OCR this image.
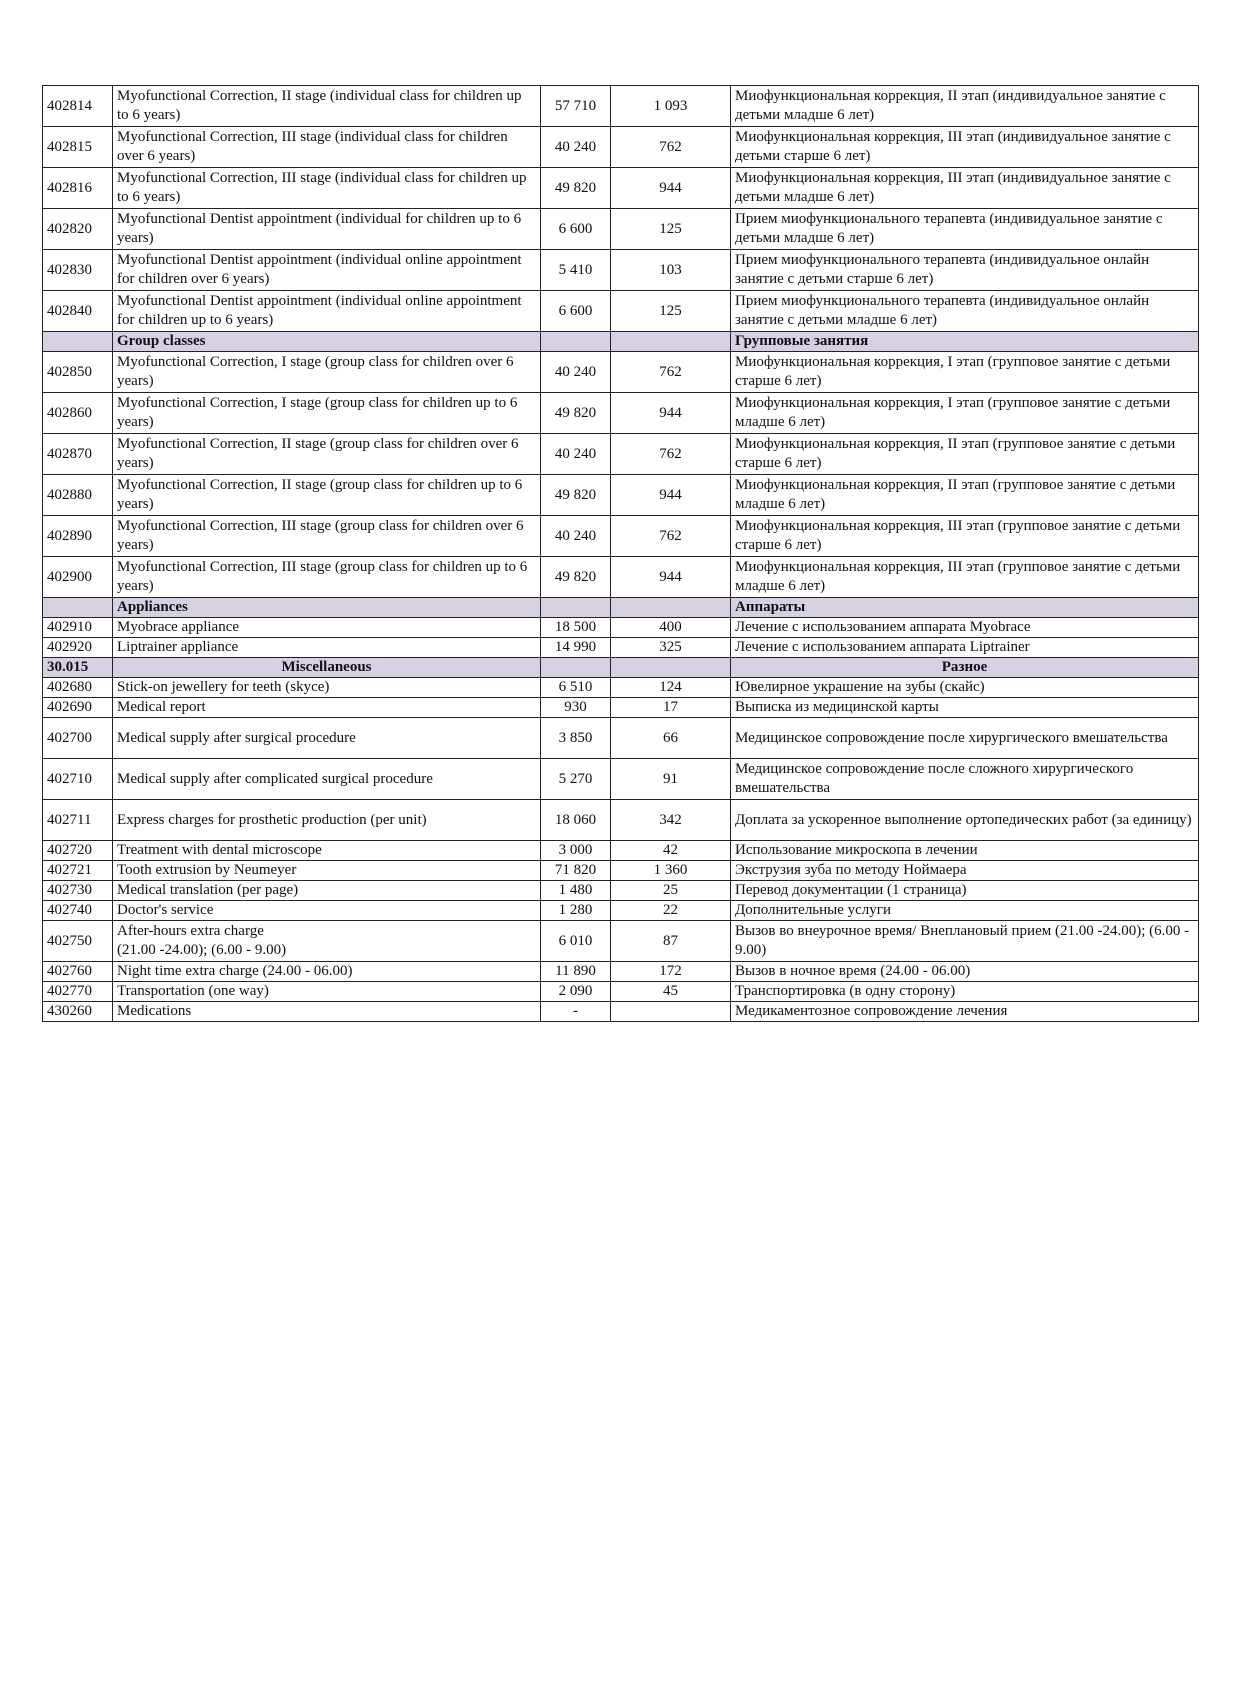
402814	Myofunctional Correction, II stage (individual class for children up to 6 years)	57 710	1 093	Миофункциональная коррекция, II этап (индивидуальное занятие с детьми младше 6 лет)
402815	Myofunctional Correction, III stage (individual class for children over 6 years)	40 240	762	Миофункциональная коррекция, III этап (индивидуальное занятие с детьми старше 6 лет)
402816	Myofunctional Correction, III stage (individual class for children up to 6 years)	49 820	944	Миофункциональная коррекция, III этап (индивидуальное занятие с детьми младше 6 лет)
402820	Myofunctional Dentist appointment (individual for children up to 6 years)	6 600	125	Прием миофункционального терапевта (индивидуальное занятие с детьми младше 6 лет)
402830	Myofunctional Dentist appointment (individual online appointment for children over 6 years)	5 410	103	Прием миофункционального терапевта (индивидуальное онлайн занятие с детьми старше 6 лет)
402840	Myofunctional Dentist appointment (individual online appointment for children up to 6 years)	6 600	125	Прием миофункционального терапевта (индивидуальное онлайн занятие с детьми младше 6 лет)
	Group classes			Групповые занятия
402850	Myofunctional Correction, I stage (group class for children over 6 years)	40 240	762	Миофункциональная коррекция, I этап (групповое занятие с детьми старше 6 лет)
402860	Myofunctional Correction, I stage (group class for children up to 6 years)	49 820	944	Миофункциональная коррекция, I этап (групповое занятие с детьми младше 6 лет)
402870	Myofunctional Correction, II stage (group class for children over 6 years)	40 240	762	Миофункциональная коррекция, II этап (групповое занятие с детьми старше 6 лет)
402880	Myofunctional Correction, II stage (group class for children up to 6 years)	49 820	944	Миофункциональная коррекция, II этап (групповое занятие с детьми младше 6 лет)
402890	Myofunctional Correction, III stage (group class for children over 6 years)	40 240	762	Миофункциональная коррекция, III этап (групповое занятие с детьми старше 6 лет)
402900	Myofunctional Correction, III stage (group class for children up to 6 years)	49 820	944	Миофункциональная коррекция, III этап (групповое занятие с детьми младше 6 лет)
	Appliances			Аппараты
402910	Myobrace appliance	18 500	400	Лечение с использованием аппарата Myobrace
402920	Liptrainer appliance	14 990	325	Лечение с использованием аппарата Liptrainer
30.015	Miscellaneous			Разное
402680	Stick-on jewellery for teeth (skyce)	6 510	124	Ювелирное украшение на зубы (скайс)
402690	Medical report	930	17	Выписка из медицинской карты
402700	Medical supply after surgical procedure	3 850	66	Медицинское сопровождение после хирургического вмешательства
402710	Medical supply after complicated surgical procedure	5 270	91	Медицинское сопровождение после сложного хирургического вмешательства
402711	Express charges for prosthetic production (per unit)	18 060	342	Доплата за ускоренное выполнение ортопедических работ (за единицу)
402720	Treatment with dental microscope	3 000	42	Использование микроскопа в лечении
402721	Tooth extrusion by Neumeyer	71 820	1 360	Экструзия зуба по методу Ноймаера
402730	Medical translation (per page)	1 480	25	Перевод документации (1 страница)
402740	Doctor's service	1 280	22	Дополнительные услуги
402750	After-hours extra charge
(21.00 -24.00); (6.00 - 9.00)	6 010	87	Вызов во внеурочное время/ Внеплановый прием (21.00 -24.00); (6.00 - 9.00)
402760	Night time extra charge (24.00 - 06.00)	11 890	172	Вызов в ночное время (24.00 - 06.00)
402770	Transportation (one way)	2 090	45	Транспортировка (в одну сторону)
430260	Medications	-		Медикаментозное сопровождение лечения
